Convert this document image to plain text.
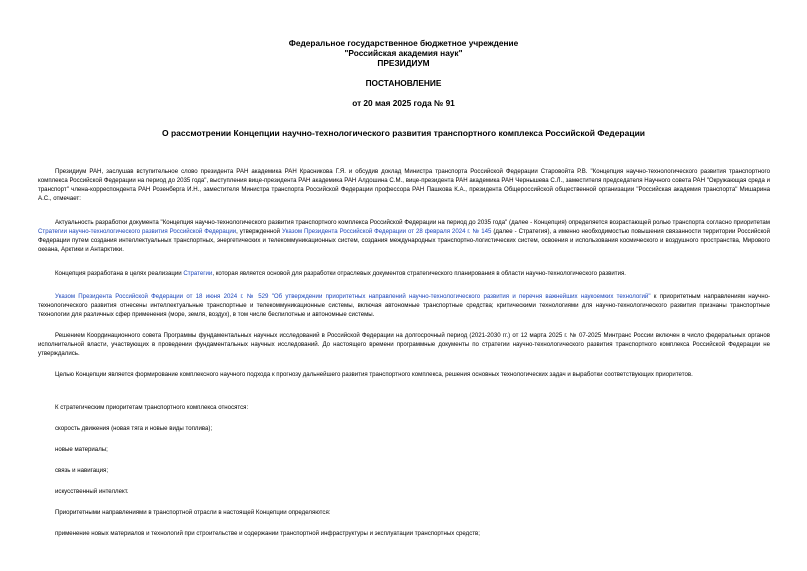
Федеральное государственное бюджетное учреждение
"Российская академия наук"
ПРЕЗИДИУМ
ПОСТАНОВЛЕНИЕ
от 20 мая 2025 года № 91
О рассмотрении Концепции научно-технологического развития транспортного комплекса Российской Федерации

Президиум РАН, заслушав вступительное слово президента РАН академика РАН Красникова Г.Я. и обсудив доклад Министра транспорта Российской Федерации Старовойта Р.В. "Концепция научно-технологического развития транспортного комплекса Российской Федерации на период до 2035 года", выступления вице-президента РАН академика РАН Алдошина С.М., вице-президента РАН академика РАН Чернышева С.Л., заместителя председателя Научного совета РАН "Окружающая среда и транспорт" члена-корреспондента РАН Розенберга И.Н., заместителя Министра транспорта Российской Федерации профессора РАН Пашкова К.А., президента Общероссийской общественной организации "Российская академия транспорта" Мишарина А.С., отмечает:

Актуальность разработки документа "Концепция научно-технологического развития транспортного комплекса Российской Федерации на период до 2035 года" (далее - Концепция) определяется возрастающей ролью транспорта согласно приоритетам Стратегии научно-технологического развития Российской Федерации, утвержденной Указом Президента Российской Федерации от 28 февраля 2024 г. № 145 (далее - Стратегия), а именно необходимостью повышения связанности территории Российской Федерации путем создания интеллектуальных транспортных, энергетических и телекоммуникационных систем, создания международных транспортно-логистических систем, освоения и использования космического и воздушного пространства, Мирового океана, Арктики и Антарктики.

Концепция разработана в целях реализации Стратегии, которая является основой для разработки отраслевых документов стратегического планирования в области научно-технологического развития.

Указом Президента Российской Федерации от 18 июня 2024 г. № 529 "Об утверждении приоритетных направлений научно-технологического развития и перечня важнейших наукоемких технологий" к приоритетным направлениям научно-технологического развития отнесены интеллектуальные транспортные и телекоммуникационные системы, включая автономные транспортные средства; критическими технологиями для научно-технологического развития признаны транспортные технологии для различных сфер применения (море, земля, воздух), в том числе беспилотные и автономные системы.

Решением Координационного совета Программы фундаментальных научных исследований в Российской Федерации на долгосрочный период (2021-2030 гг.) от 12 марта 2025 г. № 07-2025 Минтранс России включен в число федеральных органов исполнительной власти, участвующих в проведении фундаментальных научных исследований. До настоящего времени программные документы по стратегии научно-технологического развития транспортного комплекса Российской Федерации не утверждались.

Целью Концепции является формирование комплексного научного подхода к прогнозу дальнейшего развития транспортного комплекса, решения основных технологических задач и выработки соответствующих приоритетов.

К стратегическим приоритетам транспортного комплекса относятся:

скорость движения (новая тяга и новые виды топлива);

новые материалы;

связь и навигация;

искусственный интеллект.

Приоритетными направлениями в транспортной отрасли в настоящей Концепции определяются:

применение новых материалов и технологий при строительстве и содержании транспортной инфраструктуры и эксплуатации транспортных средств;
